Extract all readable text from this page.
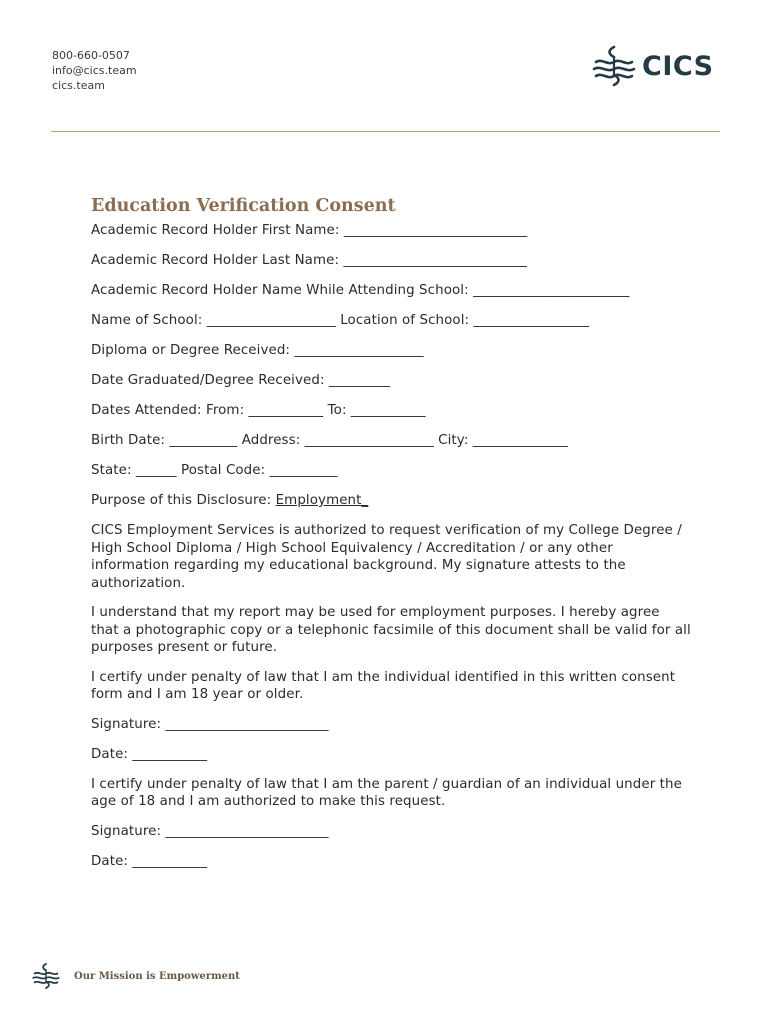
800-660-0507
info@cics.team
cics.team
CICS
Education Verification Consent

Academic Record Holder First Name: ___________________________

Academic Record Holder Last Name: ___________________________

Academic Record Holder Name While Attending School: _______________________

Name of School: ___________________ Location of School: _________________

Diploma or Degree Received: ___________________

Date Graduated/Degree Received: _________

Dates Attended: From: ___________ To: ___________

Birth Date: __________ Address: ___________________ City: ______________

State: ______ Postal Code: __________

Purpose of this Disclosure: Employment_

CICS Employment Services is authorized to request verification of my College Degree / High School Diploma / High School Equivalency / Accreditation / or any other information regarding my educational background. My signature attests to the authorization.

I understand that my report may be used for employment purposes. I hereby agree that a photographic copy or a telephonic facsimile of this document shall be valid for all purposes present or future.

I certify under penalty of law that I am the individual identified in this written consent form and I am 18 year or older.

Signature: ________________________

Date: ___________

I certify under penalty of law that I am the parent / guardian of an individual under the age of 18 and I am authorized to make this request.

Signature: ________________________

Date: ___________

Our Mission is Empowerment
